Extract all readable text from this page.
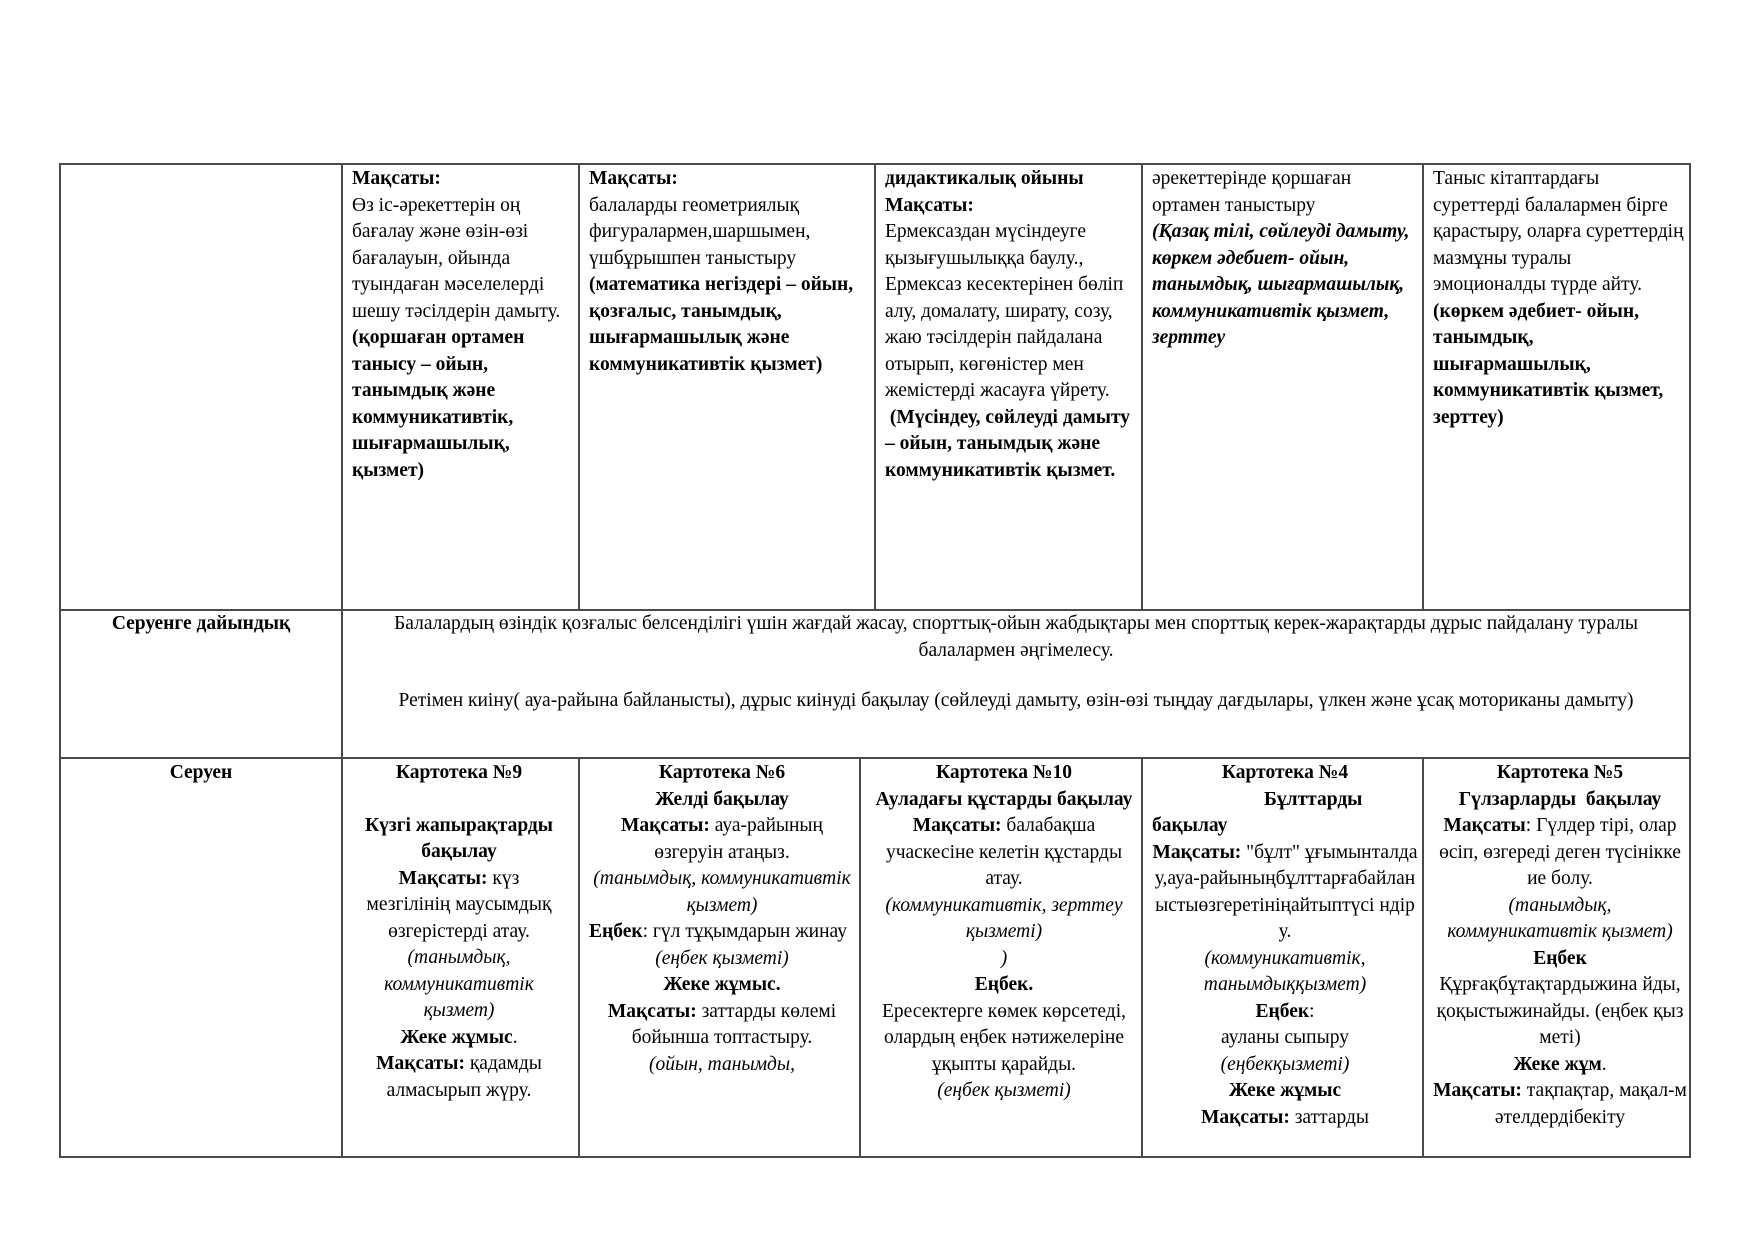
Мақсаты:
Өз іс-әрекеттерін оң бағалау және өзін-өзі бағалауын, ойында туындаған мәселелерді шешу тәсілдерін дамыту.
(қоршаған ортамен танысу – ойын, танымдық және коммуникативтік, шығармашылық, қызмет)
Мақсаты:
балаларды геометриялық фигуралармен,шаршымен, үшбұрышпен таныстыру
(математика негіздері – ойын, қозғалыс, танымдық, шығармашылық және коммуникативтік қызмет)
дидактикалық ойыны
Мақсаты:
Ермексаздан мүсіндеуге қызығушылыққа баулу., Ермексаз кесектерінен бөліп алу, домалату, ширату, созу, жаю тәсілдерін пайдалана отырып, көгөністер мен жемістерді жасауға үйрету.
(Мүсіндеу, сөйлеуді дамыту – ойын, танымдық және коммуникативтік қызмет.
әрекеттерінде қоршаған ортамен таныстыру
(Қазақ тілі, сөйлеуді дамыту, көркем әдебиет- ойын, танымдық, шығармашылық, коммуникативтік қызмет, зерттеу
Таныс кітаптардағы суреттерді балалармен бірге қарастыру, оларға суреттердің мазмұны туралы эмоционалды түрде айту.
(көркем әдебиет- ойын, танымдық, шығармашылық, коммуникативтік қызмет, зерттеу)
Серуенге дайындық	Балалардың өзіндік қозғалыс белсенділігі үшін жағдай жасау, спорттық-ойын жабдықтары мен спорттық керек-жарақтарды дұрыс пайдалану туралы балалармен әңгімелесу.
Ретімен киіну( ауа-райына байланысты), дұрыс киінуді бақылау (сөйлеуді дамыту, өзін-өзі тыңдау дағдылары, үлкен және ұсақ моториканы дамыту)
Серуен	Картотека №9
Күзгі жапырақтарды бақылау
Мақсаты: күз мезгілінің маусымдық өзгерістерді атау.
(танымдық, коммуникативтік қызмет)
Жеке жұмыс.
Мақсаты: қадамды алмасырып жүру.
Картотека №6
Желді бақылау
Мақсаты: ауа-райының өзгеруін атаңыз.
(танымдық, коммуникативтік қызмет)
Еңбек: гүл тұқымдарын жинау
(еңбек қызметі)
Жеке жұмыс.
Мақсаты: заттарды көлемі бойынша топтастыру.
(ойын, танымды,
Картотека №10
Ауладағы құстарды бақылау
Мақсаты: балабақша учаскесіне келетін құстарды атау.
(коммуникативтік, зерттеу қызметі)
)
Еңбек.
Ересектерге көмек көрсетеді, олардың еңбек нәтижелеріне ұқыпты қарайды.
(еңбек қызметі)
Картотека №4
Бұлттарды
бақылау
Мақсаты: "бұлт" ұғымынталдау,ауа-райыныңбұлттарғабайлан ыстыөзгеретініңайтыптүсі ндіру.
(коммуникативтік, танымдыққызмет)
Еңбек:
ауланы сыпыру
(еңбекқызметі)
Жеке жұмыс
Мақсаты: заттарды
Картотека №5
Гүлзарларды  бақылау
Мақсаты: Гүлдер тірі, олар өсіп, өзгереді деген түсінікке ие болу.
(танымдық, коммуникативтік қызмет)
Еңбек
Құрғақбұтақтардыжина йды, қоқыстыжинайды. (еңбек қызметі)
Жеке жұм.
Мақсаты: тақпақтар, мақал-мәтелдердібекіту
